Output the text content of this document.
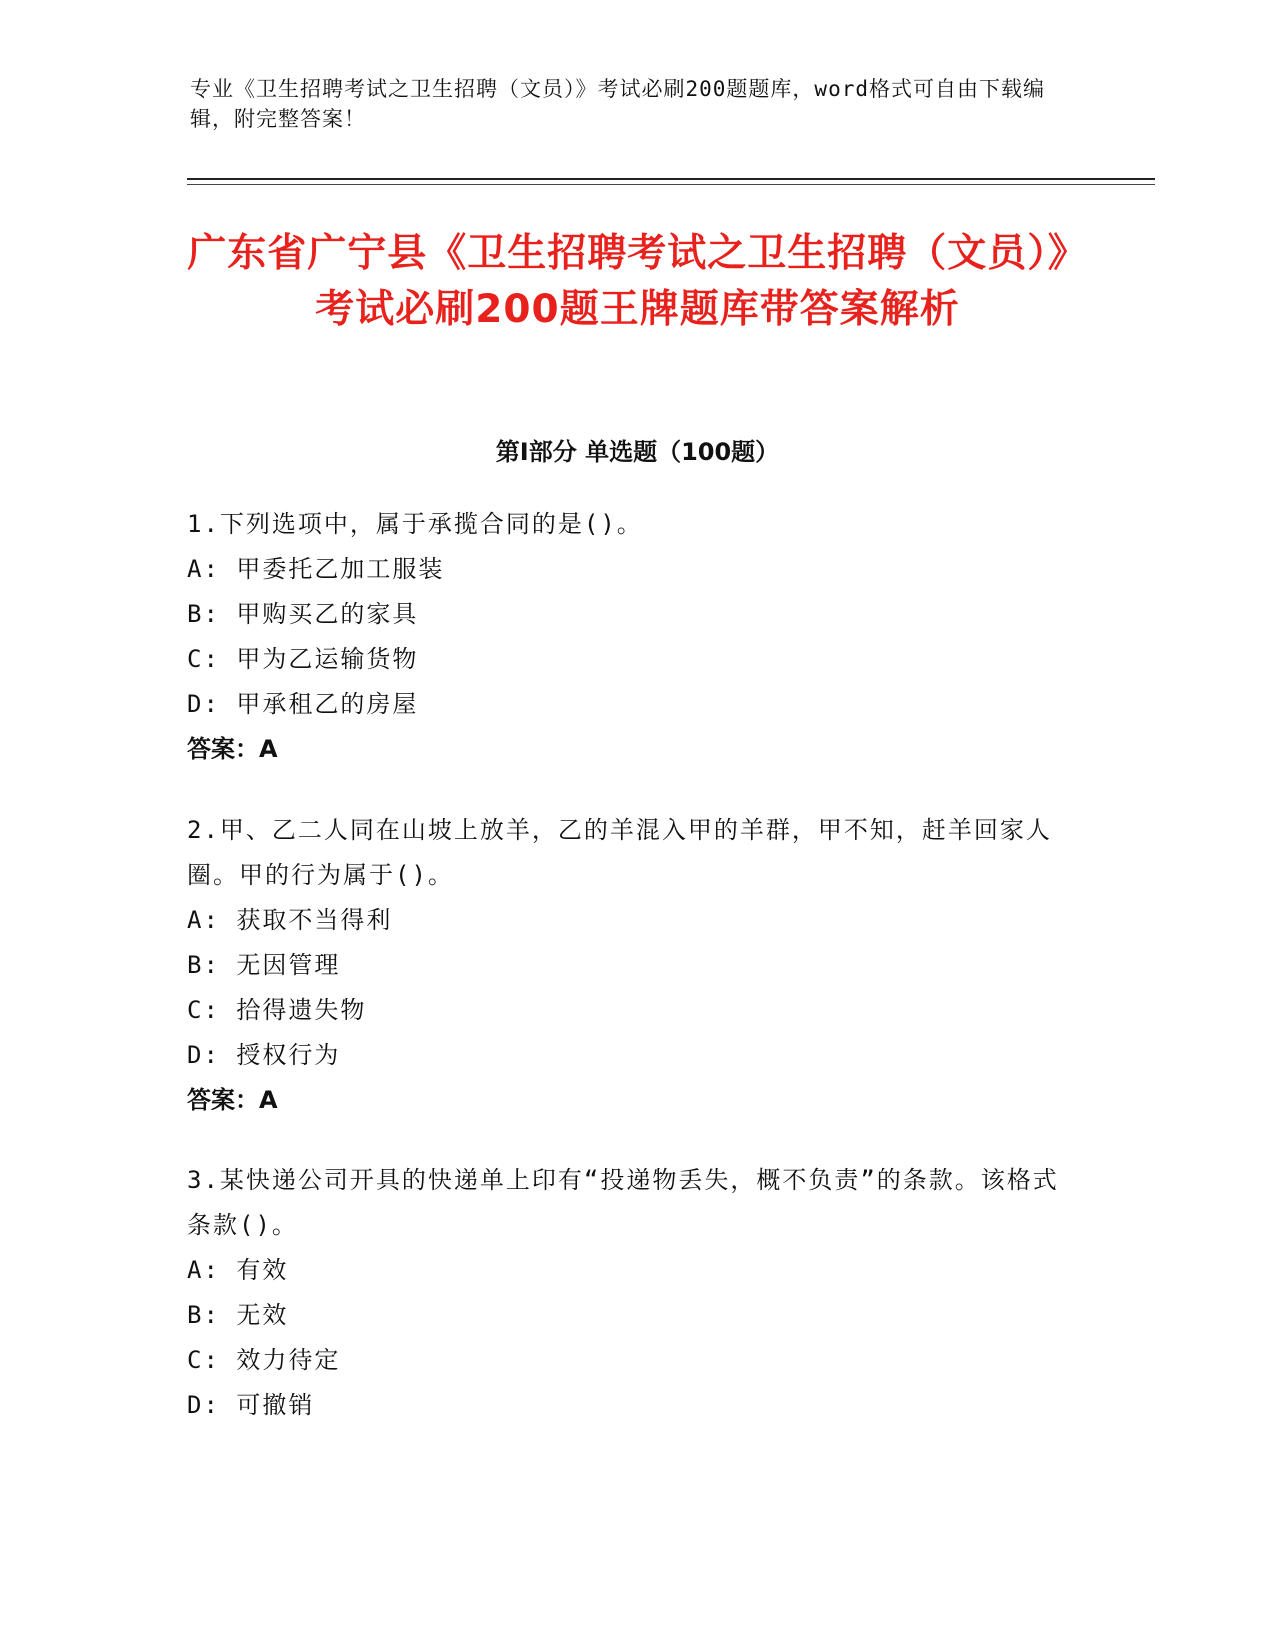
专业《卫生招聘考试之卫生招聘（文员）》考试必刷200题题库，word格式可自由下载编辑，附完整答案！
广东省广宁县《卫生招聘考试之卫生招聘（文员）》考试必刷200题王牌题库带答案解析
第Ⅰ部分 单选题（100题）
1.下列选项中，属于承揽合同的是()。
A: 甲委托乙加工服装
B: 甲购买乙的家具
C: 甲为乙运输货物
D: 甲承租乙的房屋
答案：A
2.甲、乙二人同在山坡上放羊，乙的羊混入甲的羊群，甲不知，赶羊回家人圈。甲的行为属于()。
A: 获取不当得利
B: 无因管理
C: 拾得遗失物
D: 授权行为
答案：A
3.某快递公司开具的快递单上印有“投递物丢失，概不负责”的条款。该格式条款()。
A: 有效
B: 无效
C: 效力待定
D: 可撤销
